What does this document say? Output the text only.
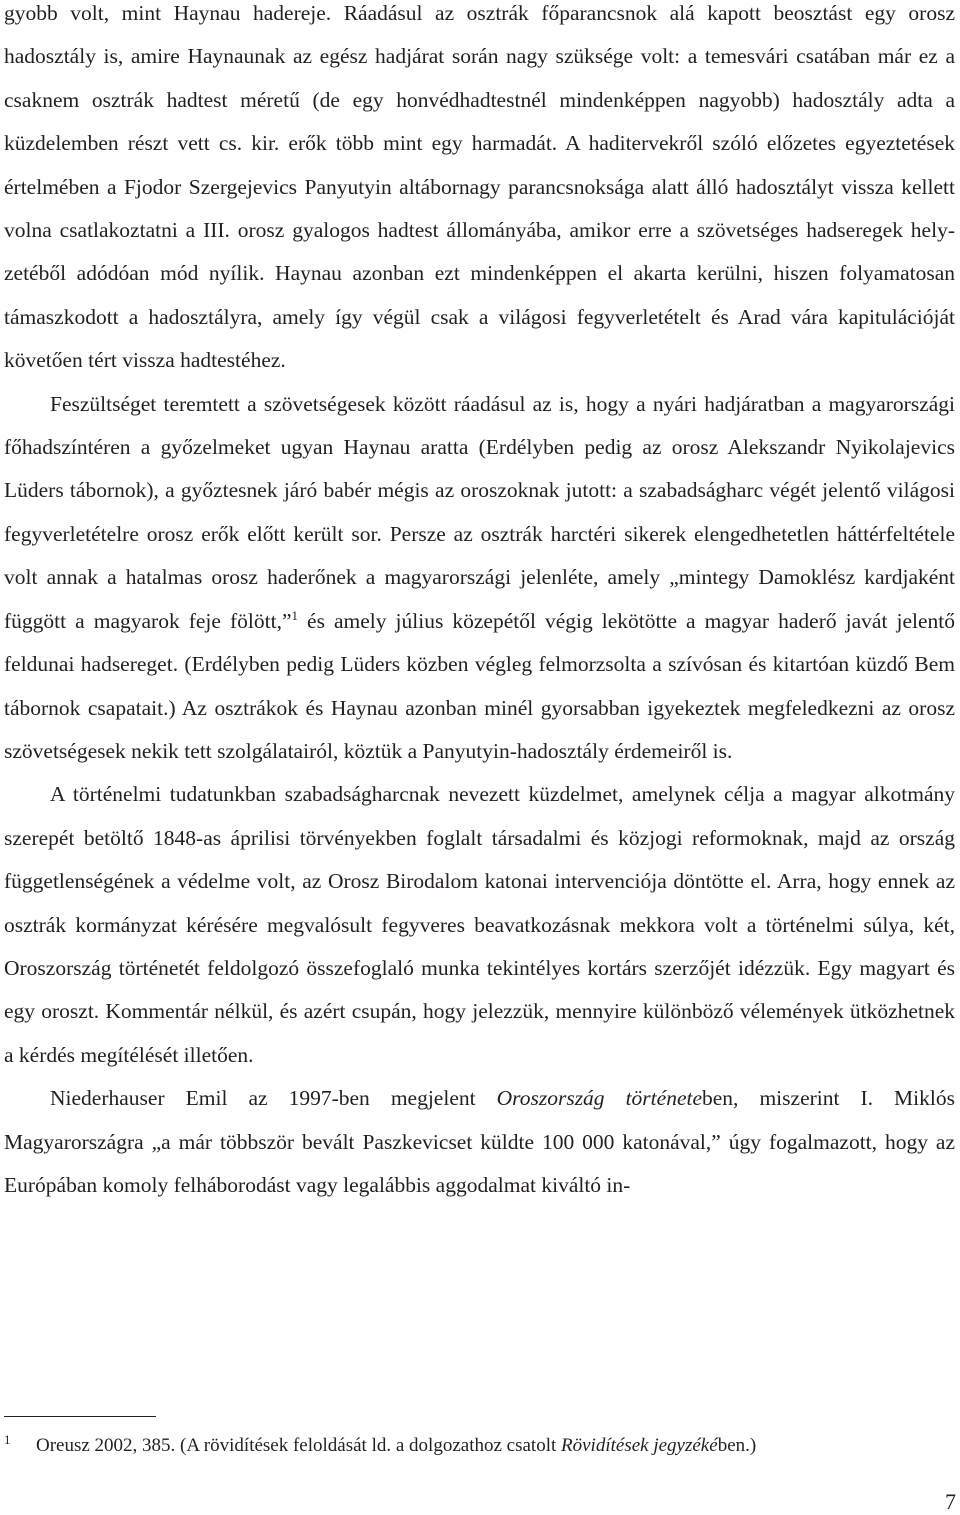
gyobb volt, mint Haynau hadereje. Ráadásul az osztrák főparancsnok alá kapott beosztást egy orosz hadosztály is, amire Haynaunak az egész hadjárat során nagy szüksége volt: a temesvári csatában már ez a csaknem osztrák hadtest méretű (de egy honvédhadtestnél mindenképpen nagyobb) hadosztály adta a küzdelemben részt vett cs. kir. erők több mint egy harmadát. A haditervekről szóló előzetes egyeztetések értelmében a Fjodor Szergejevics Panyutyin altábornagy parancsnoksága alatt álló hadosztályt vissza kellett volna csatlakoztatni a III. orosz gyalogos hadtest állományába, amikor erre a szövetséges hadseregek helyzetéből adódóan mód nyílik. Haynau azonban ezt mindenképpen el akarta kerülni, hiszen folyamatosan támaszkodott a hadosztályra, amely így végül csak a világosi fegyverletételt és Arad vára kapitulációját követően tért vissza hadtestéhez.

Feszültséget teremtett a szövetségesek között ráadásul az is, hogy a nyári hadjáratban a magyarországi főhadszíntéren a győzelmeket ugyan Haynau aratta (Erdélyben pedig az orosz Alekszandr Nyikolajevics Lüders tábornok), a győztesnek járó babér mégis az oroszoknak jutott: a szabadságharc végét jelentő világosi fegyverletételre orosz erők előtt került sor. Persze az osztrák harctéri sikerek elengedhetetlen háttérfeltétele volt annak a hatalmas orosz haderőnek a magyarországi jelenléte, amely „mintegy Damoklész kardjaként függött a magyarok feje fölött,”$^1$ és amely július közepétől végig lekötötte a magyar haderő javát jelentő feldunai hadsereget. (Erdélyben pedig Lüders közben végleg felmorzsolta a szívósan és kitartóan küzdő Bem tábornok csapatait.) Az osztrákok és Haynau azonban minél gyorsabban igyekeztek megfeledkezni az orosz szövetségesek nekik tett szolgálatairól, köztük a Panyutyin-hadosztály érdemeiről is.

A történelmi tudatunkban szabadságharcnak nevezett küzdelmet, amelynek célja a magyar alkotmány szerepét betöltő 1848-as áprilisi törvényekben foglalt társadalmi és közjogi reformoknak, majd az ország függetlenségének a védelme volt, az Orosz Birodalom katonai intervenciója döntötte el. Arra, hogy ennek az osztrák kormányzat kérésére megvalósult fegyveres beavatkozásnak mekkora volt a történelmi súlya, két, Oroszország történetét feldolgozó összefoglaló munka tekintélyes kortárs szerzőjét idézzük. Egy magyart és egy oroszt. Kommentár nélkül, és azért csupán, hogy jelezzük, mennyire különböző vélemények ütközhetnek a kérdés megítélését illetően.

Niederhauser Emil az 1997-ben megjelent Oroszország történeteben, miszerint I. Miklós Magyarországra „a már többször bevált Paszkevicset küldte 100 000 katonával,” úgy fogalmazott, hogy az Európában komoly felháborodást vagy legalábbis aggodalmat kiváltó in-

1 Oreusz 2002, 385. (A rövidítések feloldását ld. a dolgozathoz csatolt Rövidítések jegyzékében.)
7
